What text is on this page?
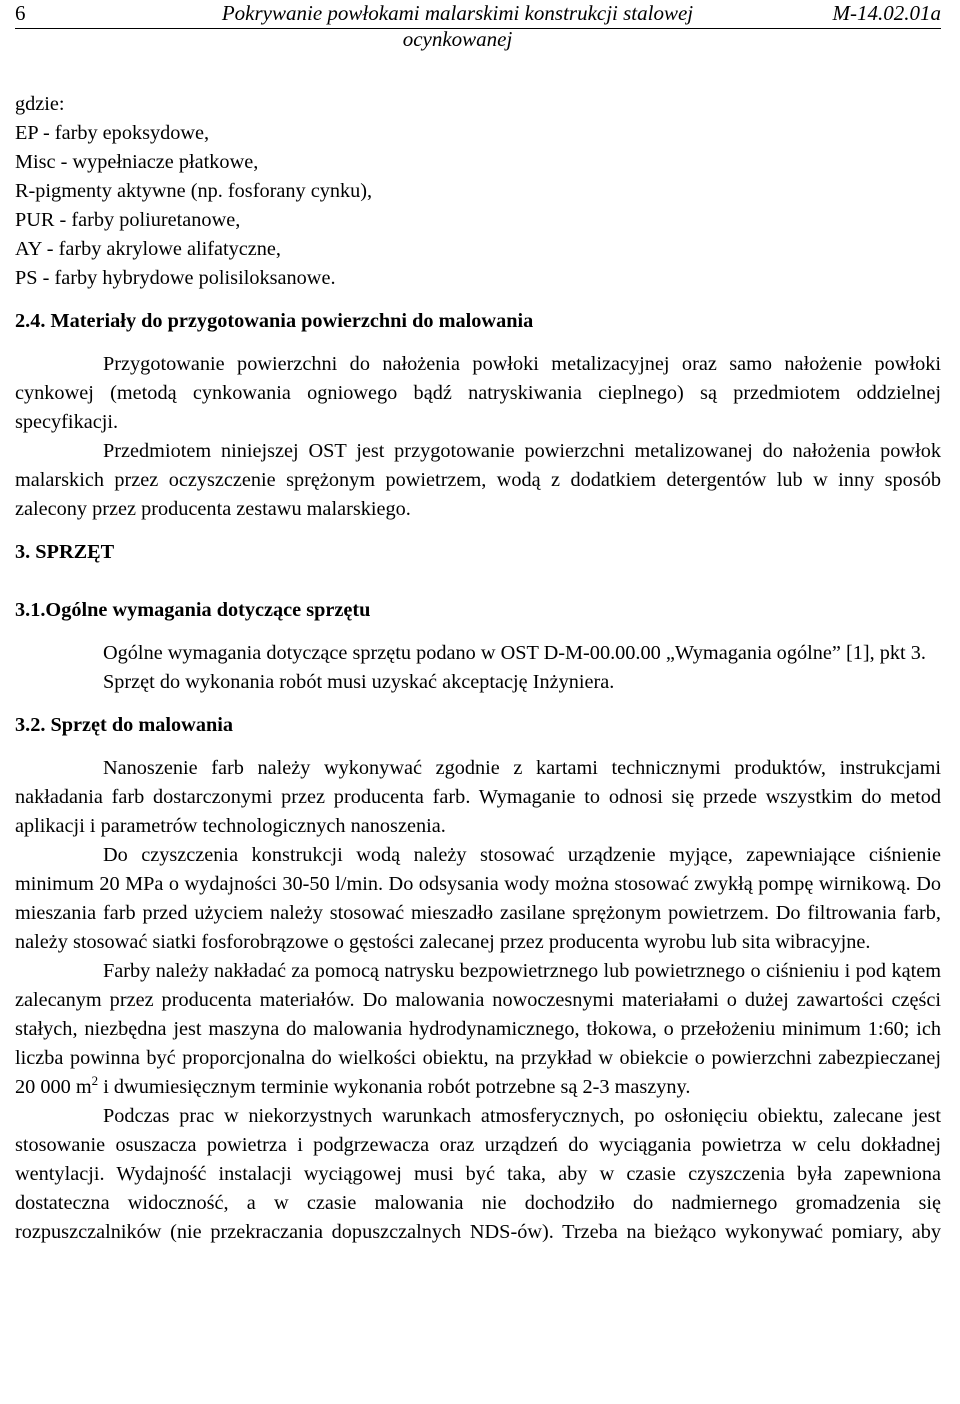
6	Pokrywanie powłokami malarskimi konstrukcji stalowej
ocynkowanej
M-14.02.01a
gdzie:
EP - farby epoksydowe,
Misc - wypełniacze płatkowe,
R-pigmenty aktywne (np. fosforany cynku),
PUR - farby poliuretanowe,
AY - farby akrylowe alifatyczne,
PS - farby hybrydowe polisiloksanowe.
2.4. Materiały do przygotowania powierzchni do malowania

Przygotowanie powierzchni do nałożenia powłoki metalizacyjnej oraz samo nałożenie powłoki cynkowej (metodą cynkowania ogniowego bądź natryskiwania cieplnego) są przedmiotem oddzielnej specyfikacji.

Przedmiotem niniejszej OST jest przygotowanie powierzchni metalizowanej do nałożenia powłok malarskich przez oczyszczenie sprężonym powietrzem, wodą z dodatkiem detergentów lub w inny sposób zalecony przez producenta zestawu malarskiego.

3. SPRZĘT
3.1.Ogólne wymagania dotyczące sprzętu

Ogólne wymagania dotyczące sprzętu podano w OST D-M-00.00.00 „Wymagania ogólne” [1], pkt 3.

Sprzęt do wykonania robót musi uzyskać akceptację Inżyniera.

3.2. Sprzęt do malowania

Nanoszenie farb należy wykonywać zgodnie z kartami technicznymi produktów, instrukcjami nakładania farb dostarczonymi przez producenta farb. Wymaganie to odnosi się przede wszystkim do metod aplikacji i parametrów technologicznych nanoszenia.

Do czyszczenia konstrukcji wodą należy stosować urządzenie myjące, zapewniające ciśnienie minimum 20 MPa o wydajności 30-50 l/min. Do odsysania wody można stosować zwykłą pompę wirnikową. Do mieszania farb przed użyciem należy stosować mieszadło zasilane sprężonym powietrzem. Do filtrowania farb, należy stosować siatki fosforobrązowe o gęstości zalecanej przez producenta wyrobu lub sita wibracyjne.

Farby należy nakładać za pomocą natrysku bezpowietrznego lub powietrznego o ciśnieniu i pod kątem zalecanym przez producenta materiałów. Do malowania nowoczesnymi materiałami o dużej zawartości części stałych, niezbędna jest maszyna do malowania hydrodynamicznego, tłokowa, o przełożeniu minimum 1:60; ich liczba powinna być proporcjonalna do wielkości obiektu, na przykład w obiekcie o powierzchni zabezpieczanej 20 000 $m^2$ i dwumiesięcznym terminie wykonania robót potrzebne są 2-3 maszyny.

Podczas prac w niekorzystnych warunkach atmosferycznych, po osłonięciu obiektu, zalecane jest stosowanie osuszacza powietrza i podgrzewacza oraz urządzeń do wyciągania powietrza w celu dokładnej wentylacji. Wydajność instalacji wyciągowej musi być taka, aby w czasie czyszczenia była zapewniona dostateczna widoczność, a w czasie malowania nie dochodziło do nadmiernego gromadzenia się rozpuszczalników (nie przekraczania dopuszczalnych NDS-ów). Trzeba na bieżąco wykonywać pomiary, aby
